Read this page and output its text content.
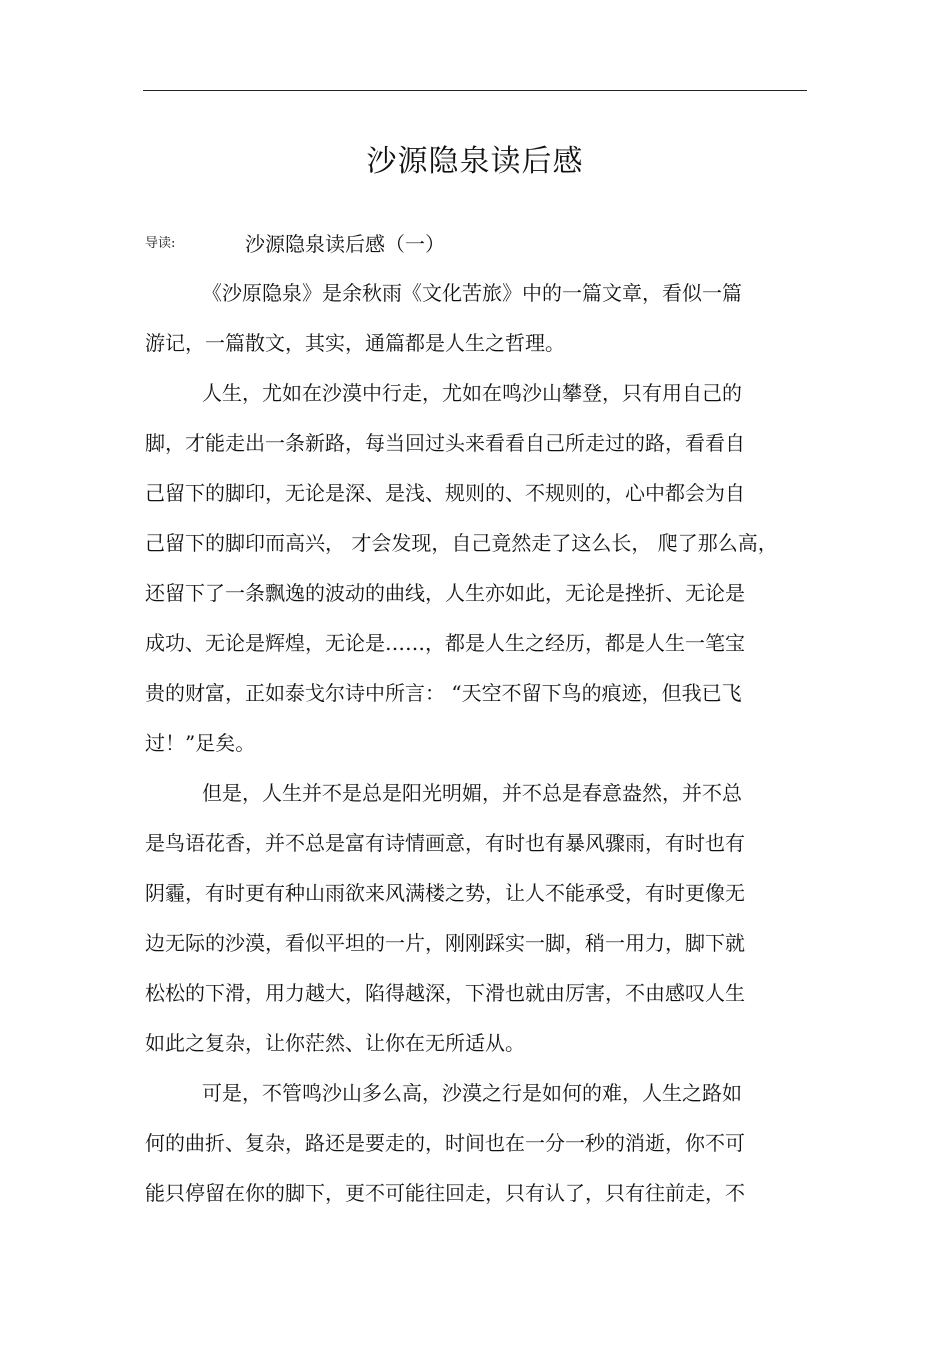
沙源隐泉读后感
导读:	沙源隐泉读后感（一）
《沙原隐泉》是余秋雨《文化苦旅》中的一篇文章，看似一篇
游记，一篇散文，其实，通篇都是人生之哲理。
人生，尤如在沙漠中行走，尤如在鸣沙山攀登，只有用自己的
脚，才能走出一条新路，每当回过头来看看自己所走过的路，看看自
己留下的脚印，无论是深、是浅、规则的、不规则的，心中都会为自
己留下的脚印而高兴， 才会发现，自己竟然走了这么长， 爬了那么高，
还留下了一条飘逸的波动的曲线，人生亦如此，无论是挫折、无论是
成功、无论是辉煌，无论是……，都是人生之经历，都是人生一笔宝
贵的财富，正如泰戈尔诗中所言： “天空不留下鸟的痕迹，但我已飞
过！”足矣。
但是，人生并不是总是阳光明媚，并不总是春意盎然，并不总
是鸟语花香，并不总是富有诗情画意，有时也有暴风骤雨，有时也有
阴霾，有时更有种山雨欲来风满楼之势，让人不能承受，有时更像无
边无际的沙漠，看似平坦的一片，刚刚踩实一脚，稍一用力，脚下就
松松的下滑，用力越大，陷得越深，下滑也就由厉害，不由感叹人生
如此之复杂，让你茫然、让你在无所适从。
可是，不管鸣沙山多么高，沙漠之行是如何的难，人生之路如
何的曲折、复杂，路还是要走的，时间也在一分一秒的消逝，你不可
能只停留在你的脚下，更不可能往回走，只有认了，只有往前走，不
